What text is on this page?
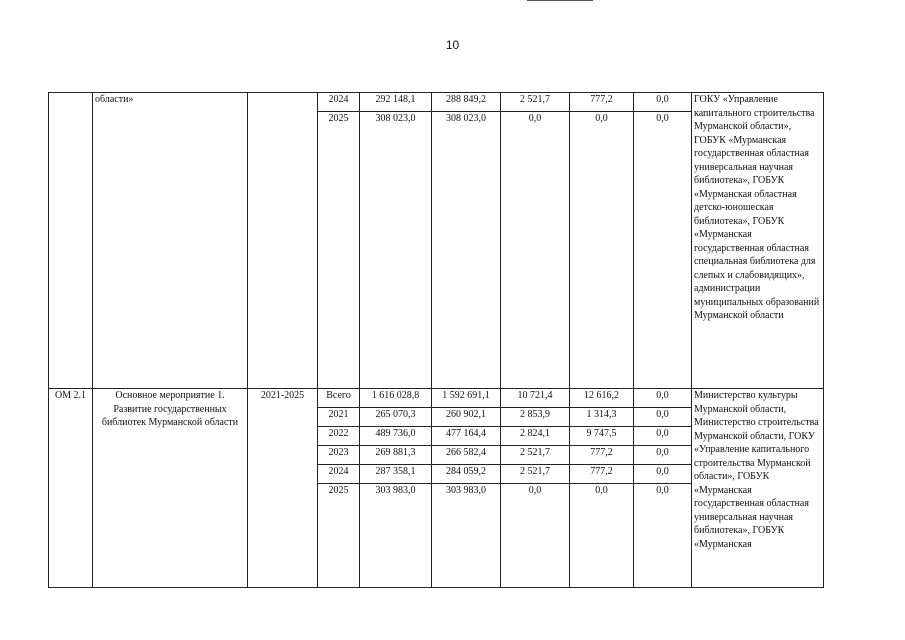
10
	области»		2024	292 148,1	288 849,2	2 521,7	777,2	0,0	ГОКУ «Управление капитального строительства Мурманской области», ГОБУК «Мурманская государственная областная универсальная научная библиотека», ГОБУК «Мурманская областная детско-юношеская библиотека», ГОБУК «Мурманская государственная областная специальная библиотека для слепых и слабовидящих», администрации муниципальных образований Мурманской области
			2025	308 023,0	308 023,0	0,0	0,0	0,0	
ОМ 2.1	Основное мероприятие 1. Развитие государственных библиотек Мурманской области	2021-2025	Всего	1 616 028,8	1 592 691,1	10 721,4	12 616,2	0,0	Министерство культуры Мурманской области, Министерство строительства Мурманской области, ГОКУ «Управление капитального строительства Мурманской области», ГОБУК «Мурманская государственная областная универсальная научная библиотека», ГОБУК «Мурманская
			2021	265 070,3	260 902,1	2 853,9	1 314,3	0,0	
			2022	489 736,0	477 164,4	2 824,1	9 747,5	0,0	
			2023	269 881,3	266 582,4	2 521,7	777,2	0,0	
			2024	287 358,1	284 059,2	2 521,7	777,2	0,0	
			2025	303 983,0	303 983,0	0,0	0,0	0,0	
